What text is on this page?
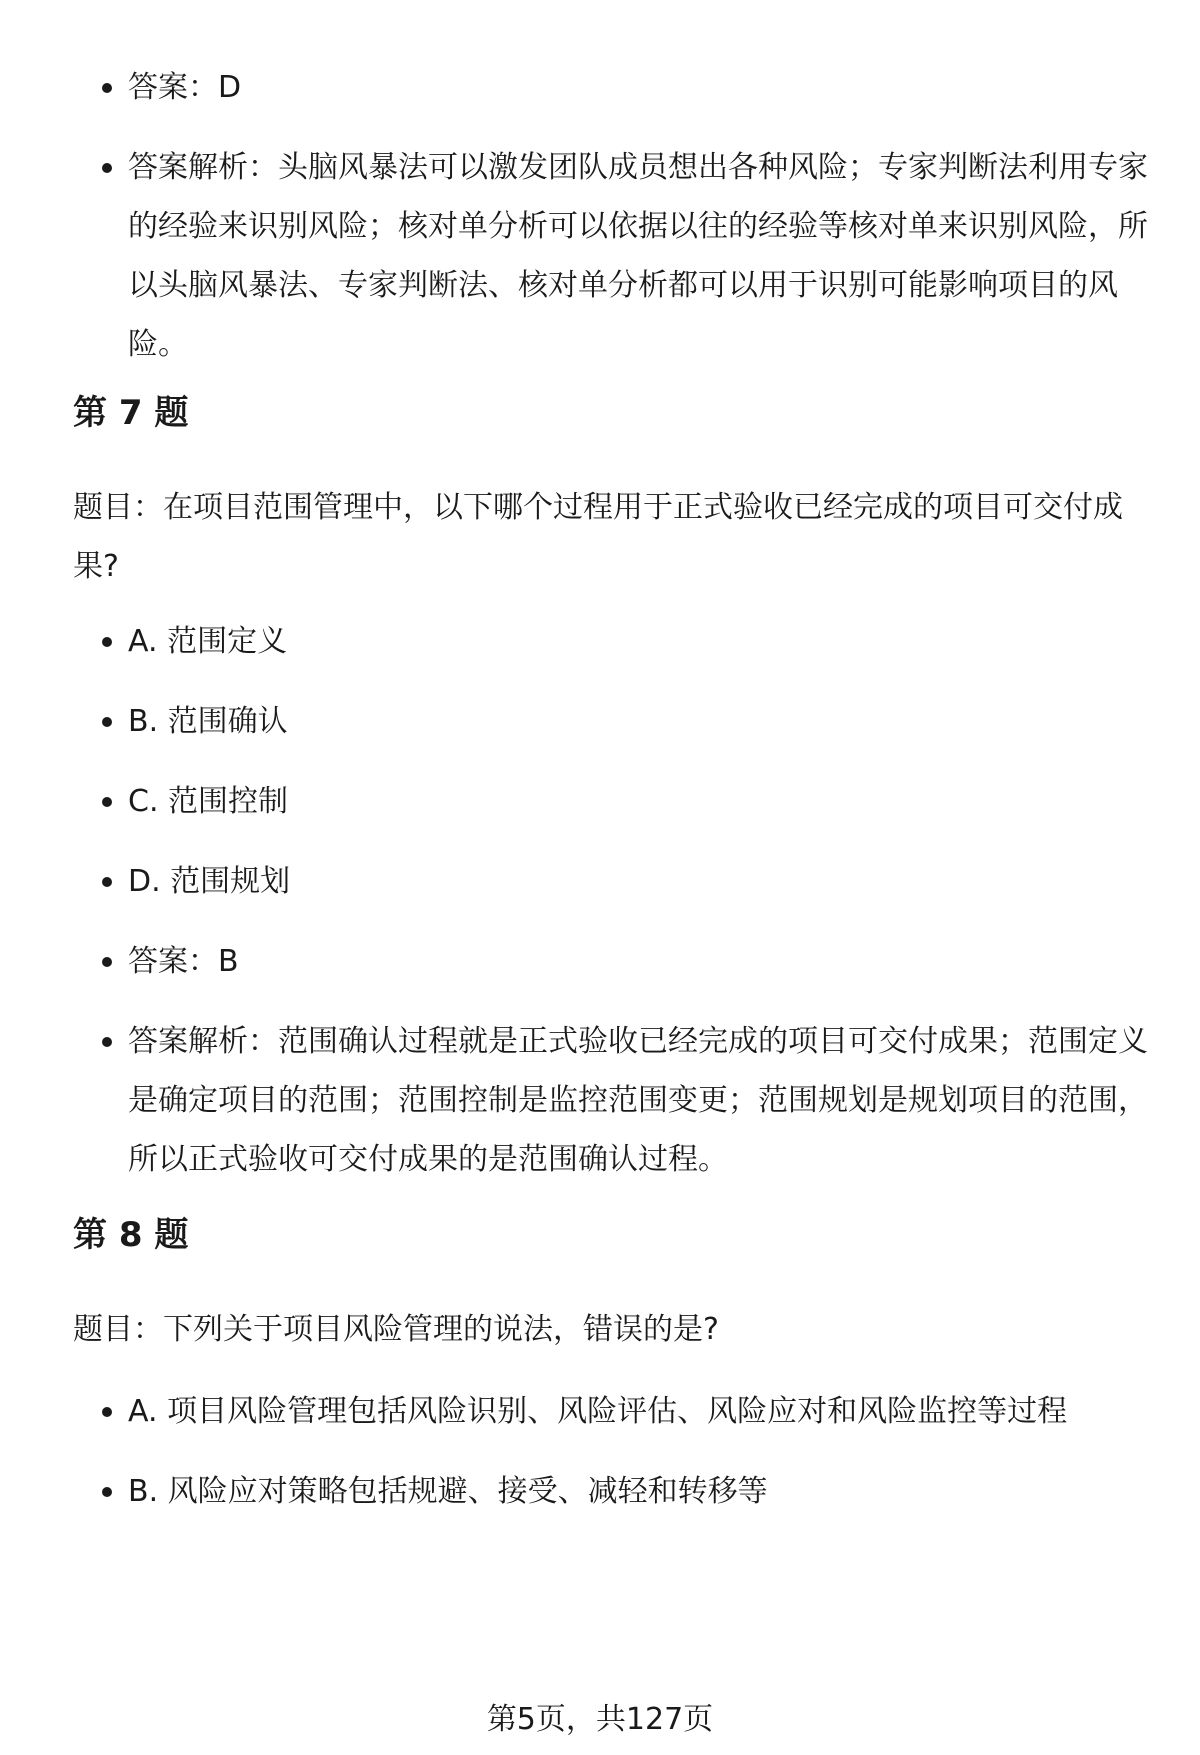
答案：D
答案解析：头脑风暴法可以激发团队成员想出各种风险；专家判断法利用专家的经验来识别风险；核对单分析可以依据以往的经验等核对单来识别风险，所以头脑风暴法、专家判断法、核对单分析都可以用于识别可能影响项目的风险。
第 7 题
题目：在项目范围管理中，以下哪个过程用于正式验收已经完成的项目可交付成果?
A. 范围定义
B. 范围确认
C. 范围控制
D. 范围规划
答案：B
答案解析：范围确认过程就是正式验收已经完成的项目可交付成果；范围定义是确定项目的范围；范围控制是监控范围变更；范围规划是规划项目的范围，所以正式验收可交付成果的是范围确认过程。
第 8 题
题目：下列关于项目风险管理的说法，错误的是?
A. 项目风险管理包括风险识别、风险评估、风险应对和风险监控等过程
B. 风险应对策略包括规避、接受、减轻和转移等
第5页，共127页
